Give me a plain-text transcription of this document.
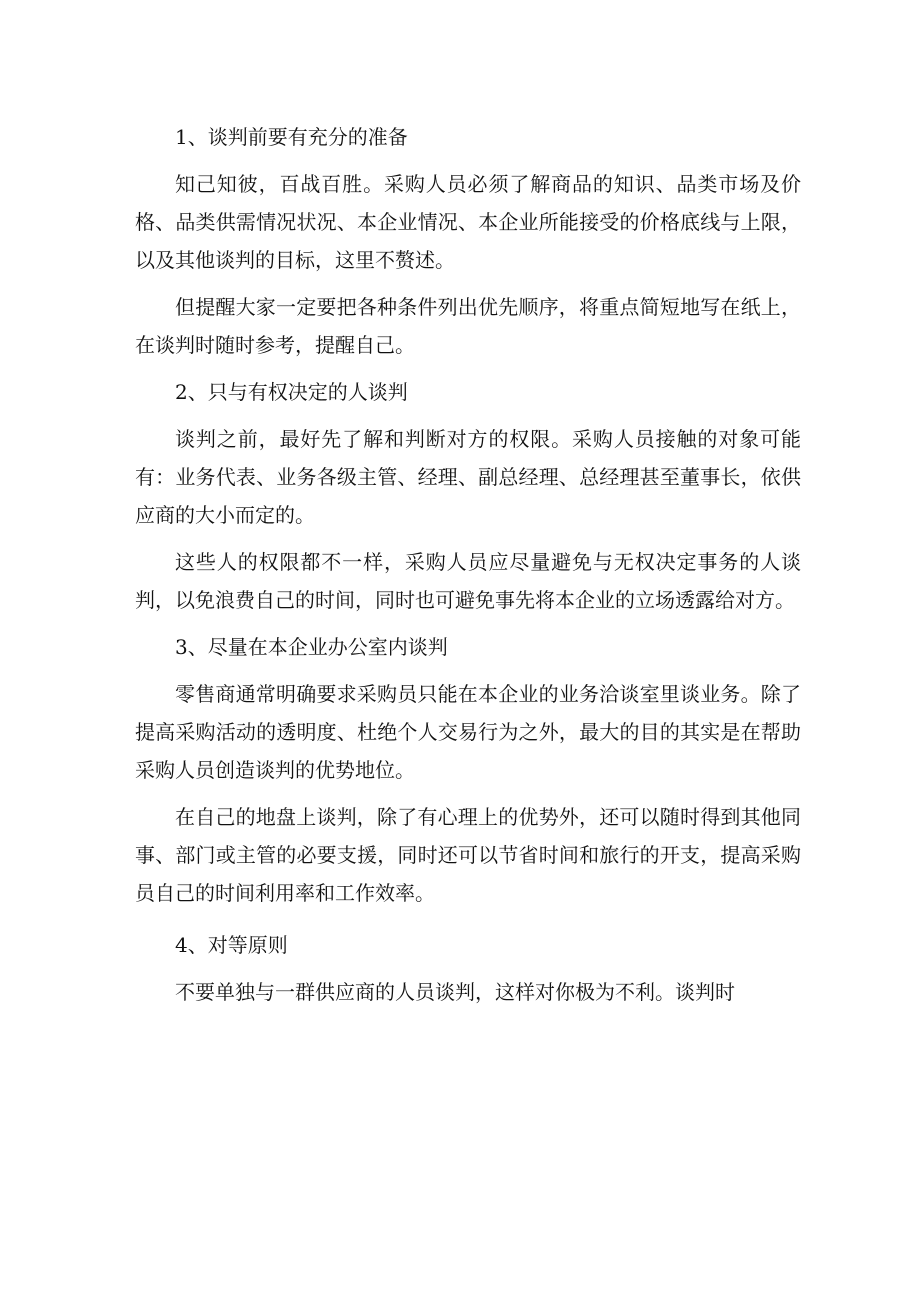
1、谈判前要有充分的准备

知己知彼，百战百胜。采购人员必须了解商品的知识、品类市场及价格、品类供需情况状况、本企业情况、本企业所能接受的价格底线与上限，以及其他谈判的目标，这里不赘述。

但提醒大家一定要把各种条件列出优先顺序，将重点简短地写在纸上，在谈判时随时参考，提醒自己。

2、只与有权决定的人谈判

谈判之前，最好先了解和判断对方的权限。采购人员接触的对象可能有：业务代表、业务各级主管、经理、副总经理、总经理甚至董事长，依供应商的大小而定的。

这些人的权限都不一样，采购人员应尽量避免与无权决定事务的人谈判，以免浪费自己的时间，同时也可避免事先将本企业的立场透露给对方。

3、尽量在本企业办公室内谈判

零售商通常明确要求采购员只能在本企业的业务洽谈室里谈业务。除了提高采购活动的透明度、杜绝个人交易行为之外，最大的目的其实是在帮助采购人员创造谈判的优势地位。

在自己的地盘上谈判，除了有心理上的优势外，还可以随时得到其他同事、部门或主管的必要支援，同时还可以节省时间和旅行的开支，提高采购员自己的时间利用率和工作效率。

4、对等原则

不要单独与一群供应商的人员谈判，这样对你极为不利。谈判时
